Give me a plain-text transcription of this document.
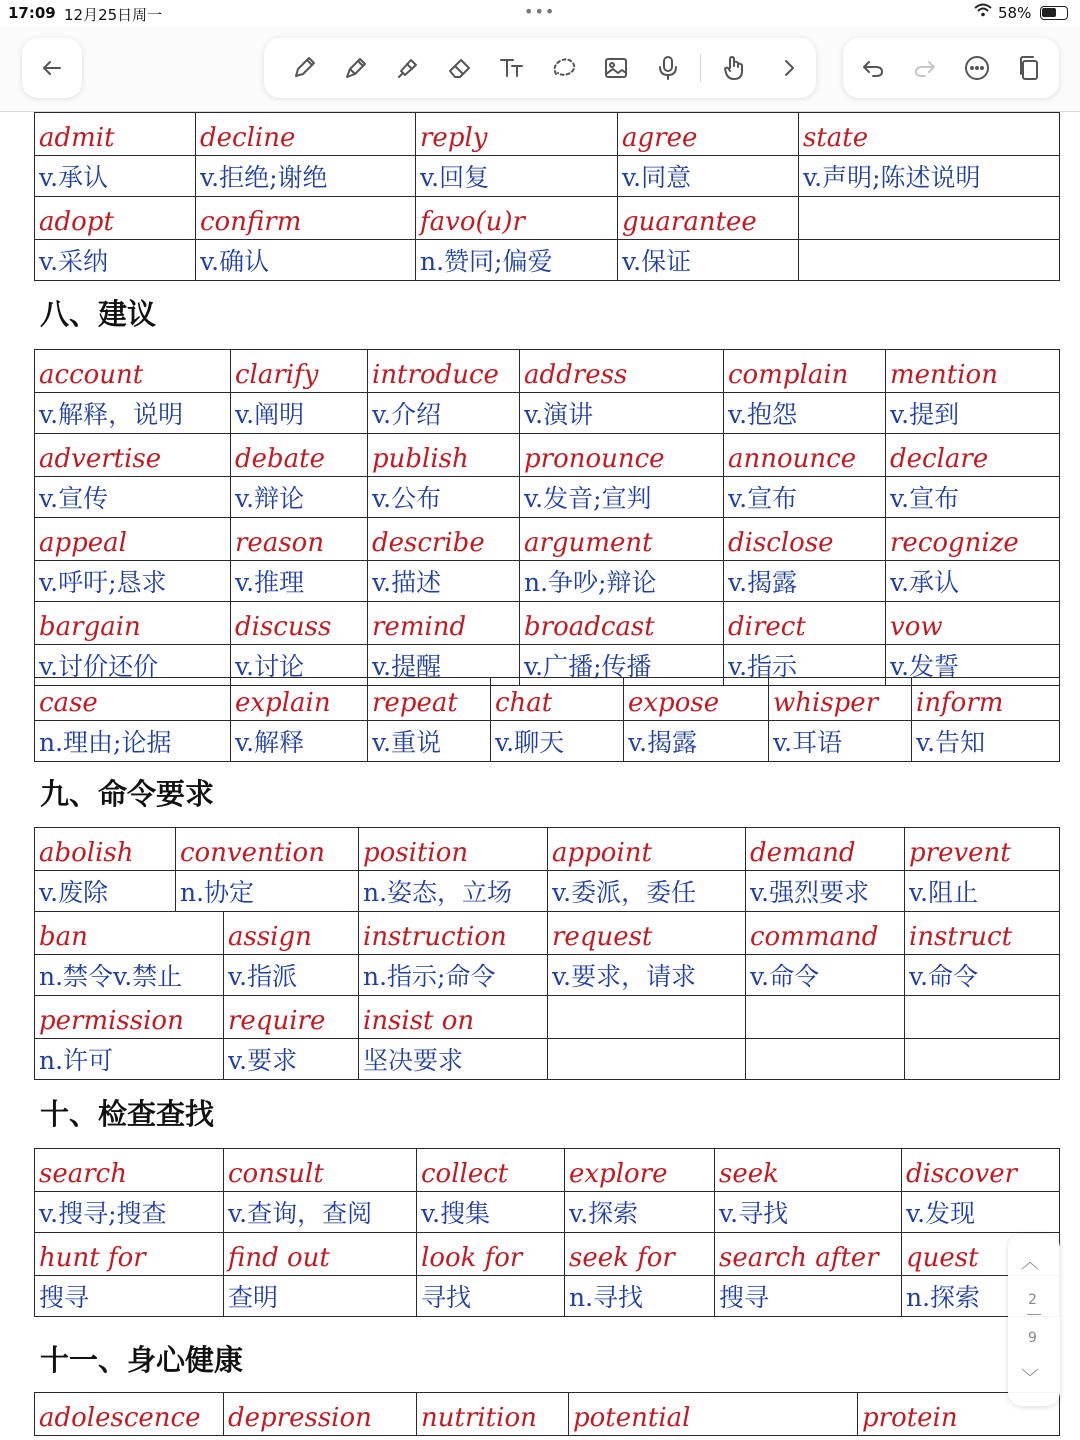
17:09 12月25日周一	•••	58%
admit	decline	reply	agree	state
v.承认	v.拒绝;谢绝	v.回复	v.同意	v.声明;陈述说明
adopt	confirm	favo(u)r	guarantee	
v.采纳	v.确认	n.赞同;偏爱	v.保证	
八、建议
account	clarify	introduce	address	complain	mention
v.解释，说明	v.阐明	v.介绍	v.演讲	v.抱怨	v.提到
advertise	debate	publish	pronounce	announce	declare
v.宣传	v.辩论	v.公布	v.发音;宣判	v.宣布	v.宣布
appeal	reason	describe	argument	disclose	recognize
v.呼吁;恳求	v.推理	v.描述	n.争吵;辩论	v.揭露	v.承认
bargain	discuss	remind	broadcast	direct	vow
v.讨价还价	v.讨论	v.提醒	v.广播;传播	v.指示	v.发誓
case	explain	repeat	chat	expose	whisper	inform
n.理由;论据	v.解释	v.重说	v.聊天	v.揭露	v.耳语	v.告知
九、命令要求
abolish	convention	position	appoint	demand	prevent
v.废除	n.协定	n.姿态，立场	v.委派，委任	v.强烈要求	v.阻止
ban	assign	instruction	request	command	instruct
n.禁令v.禁止	v.指派	n.指示;命令	v.要求，请求	v.命令	v.命令
permission	require	insist on			
n.许可	v.要求	坚决要求			
十、检查查找
search	consult	collect	explore	seek	discover
v.搜寻;搜查	v.查询，查阅	v.搜集	v.探索	v.寻找	v.发现
hunt for	find out	look for	seek for	search after	quest
搜寻	查明	寻找	n.寻找	搜寻	n.探索
十一、身心健康
adolescence	depression	nutrition	potential	protein
︿
2
9
﹀
